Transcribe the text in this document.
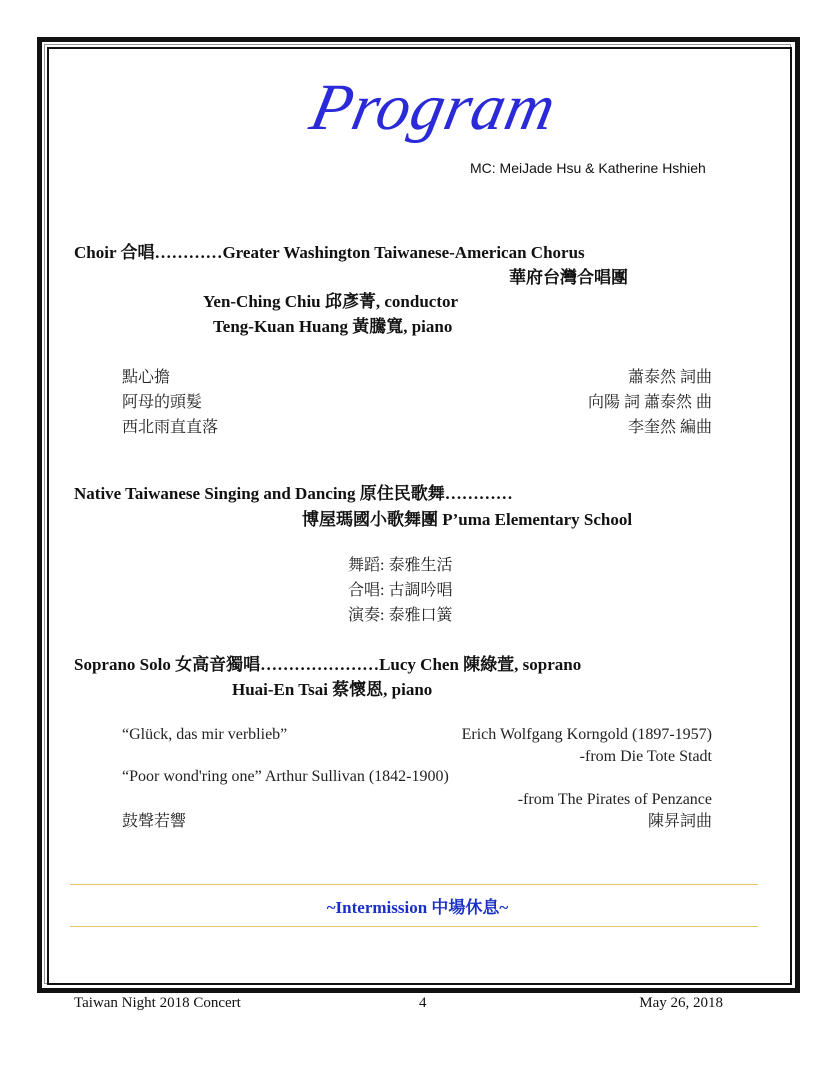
Program
MC: MeiJade Hsu & Katherine Hshieh
Choir 合唱…………Greater Washington Taiwanese-American Chorus
華府台灣合唱團
Yen-Ching Chiu 邱彥菁, conductor
Teng-Kuan Huang 黃騰寬, piano
點心擔	蕭泰然 詞曲
阿母的頭髮	向陽 詞 蕭泰然 曲
西北雨直直落	李奎然 編曲
Native Taiwanese Singing and Dancing 原住民歌舞…………
博屋瑪國小歌舞團 P’uma Elementary School
舞蹈: 泰雅生活
合唱: 古調吟唱
演奏: 泰雅口簧
Soprano Solo 女高音獨唱…………………Lucy Chen 陳綠萱, soprano
Huai-En Tsai 蔡懷恩, piano
“Glück, das mir verblieb”	Erich Wolfgang Korngold (1897-1957)
-from Die Tote Stadt
“Poor wond'ring one” Arthur Sullivan (1842-1900)
-from The Pirates of Penzance
鼓聲若響	陳昇詞曲
~Intermission 中場休息~
Taiwan Night 2018 Concert	4	May 26, 2018
